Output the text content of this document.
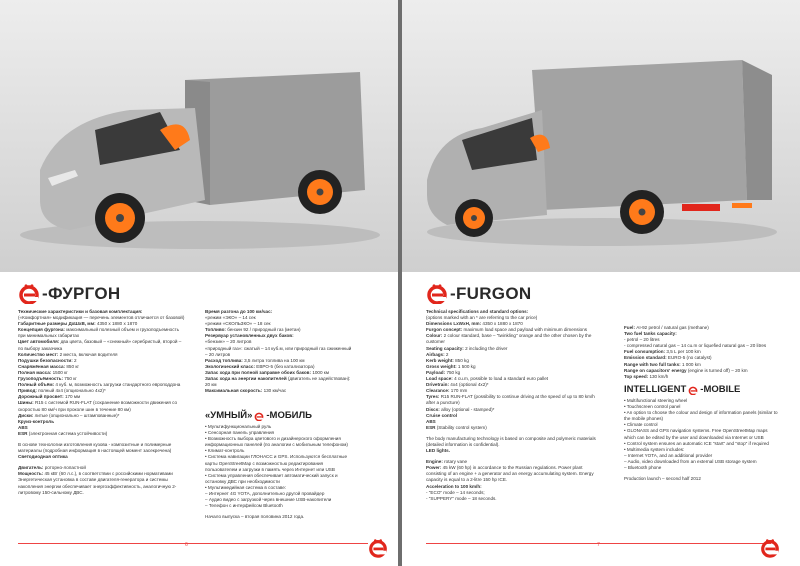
-ФУРГОН

Технические характеристики и базовая комплектация:

(«Комфортная» модификация — перечень элементов отличается от базовой)

Габаритные размеры ДхШхВ, мм: 4350 x 1880 x 1870

Концепция фургона: максимальный полезный объем и грузоподъемность при минимальных габаритах

Цвет автомобиля: два цвета, базовый – «снежный» серебристый, второй – по выбору заказчика

Количество мест: 2 места, включая водителя

Подушки безопасности: 2

Снаряжённая масса: 850 кг

Полная масса: 1500 кг

Грузоподъёмность: 750 кг

Полный объём: 4 куб. м, возможность загрузки стандартного европоддона

Привод: полный 4х4 (опционально 4х2)*

Дорожный просвет: 170 мм

Шины: R15 с системой RUN-FLAT (сохранение возможности движения со скоростью 80 км/ч при проколе шин в течение 80 км)

Диски: литые (опционально – штампованные)*

Круиз-контроль

ABS

ESR (электронная система устойчивости)

В основе технологии изготовления кузова - композитные и полимерные материалы (подробная информация в настоящей момент засекречена)

Светодиодная оптика

Двигатель: роторно-лопастной

Мощность: 45 кВт (60 л.с.), в соответствии с российскими нормативами

Энергетическая установка в составе двигателя-генератора и системы накопления энергии обеспечивает энергоэффективность, аналогичную 2-литровому 150-сильному ДВС.

Время разгона до 100 км/час:

«режим «ЭКО» – 14 сек

«режим «СКОЛЬЗКО» – 18 сек

Топливо: бензин 92 / природный газ (метан)

Резервуар установленных двух баков:

«бензин» – 20 литров

«природный газ»: сжатый – 14 куб.м, или природный газ сжиженный – 20 литров

Расход топлива: 3,5 литра топлива на 100 км

Экологический класс: ЕВРО-5 (без катализатора)

Запас хода при полной заправке обоих баков: 1000 км

Запас хода на энергии накопителей (двигатель не задействован): 20 км

Максимальная скорость: 130 км/час

«УМНЫЙ» -МОБИЛЬ

• Мультифункциональный руль

• Сенсорная панель управления

• Возможность выбора цветового и дизайнерского оформления информационных панелей (по аналогии с мобильным телефоном)

• Климат-контроль

• Система навигации ГЛОНАСС и GPS. Используются бесплатные карты OpenStreetMap с возможностью редактирования пользователем и загрузки в память через Интернет или USB

• Система управления обеспечивает автоматический запуск и остановку ДВС при необходимости

• Мультимедийная система в составе:

– Интернет 4G YOTA, дополнительно другой провайдер

– Аудио видео с загрузкой через внешние USB-накопители

– Телефон с интерфейсом Bluetooth

Начало выпуска – вторая половина 2012 года.

6
-FURGON

Technical specifications and standard options:

(options marked with an * are referring to the car price)

Dimensions LxWxH, mm: 4350 x 1880 x 1870

Furgon concept: maximum load space and payload with minimum dimensions

Colour: 2 colour standard, base – "twinkling" orange and the other chosen by the customer

Seating capacity: 2 including the driver

Airbags: 2

Kerb weight: 850 kg

Gross weight: 1 500 kg

Payload: 750 kg

Load space: 4 cu.m, possible to load a standard euro pallet

Drivetrain: 4x4 (optional 4x2)*

Clearance: 170 mm

Tyres: R15 RUN-FLAT (possibility to continue driving at the speed of up to 80 km/h after a puncture)

Discs: alloy (optional - stamped)*

Cruise control

ABS

ESR (Stability control system)

The body manufacturing technology is based on composite and polymeric materials (detailed information is confidential).

LED lights.

Engine: rotary vane

Power: 45 kW (60 hp) in accordance to the Russian regulations. Power plant consisting of an engine + a generator and an energy accumulating system. Energy capacity is equal to a 2-litre 150 hp ICE.

Acceleration to 100 km/h:

- "ECO" mode – 14 seconds;

- "SUPPERY" mode – 18 seconds.

Fuel: AI-92 petrol / natural gas (methane)

Two fuel tanks capacity:

- petrol – 20 litres

- compressed natural gas – 14 cu.m or liquefied natural gas – 20 litres

Fuel consumption: 3,5 L per 100 km

Emission standard: EURO-5 (no catalyst)

Range with two full tanks: 1 000 km

Range on capacitors' energy (engine is turned off) – 20 km

Top speed: 130 km/h

INTELLIGENT -MOBILE

• Multifunctional steering wheel

• Touchscreen control panel

• An option to choose the colour and design of information panels (similar to the mobile phones)

• Climate control

• GLONASS and GPS navigation systems. Free OpenStreetMap maps which can be edited by the user and downloaded via Internet or USB

• Control system ensures an automatic ICE "start" and "stop" if required

• Multimedia system includes:

– Internet YOTA, and an additional provider

– Audio, video downloaded from an external USB storage system

– Bluetooth phone

Production launch – second half 2012

7
